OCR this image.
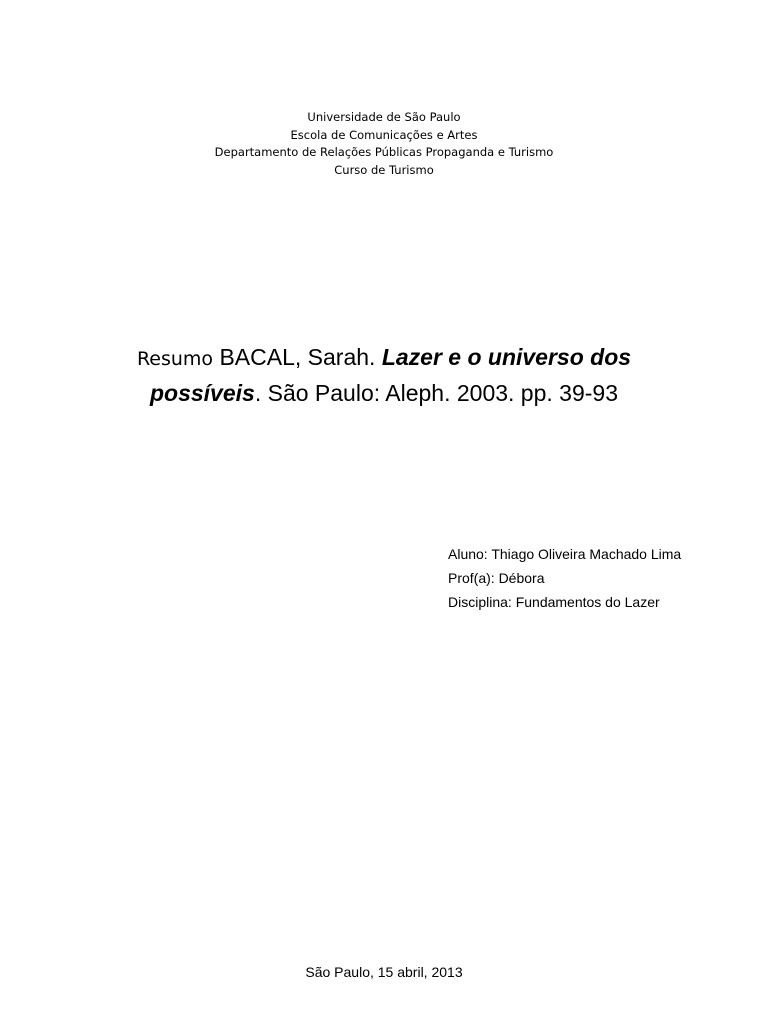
Universidade de São Paulo
Escola de Comunicações e Artes
Departamento de Relações Públicas Propaganda e Turismo
Curso de Turismo
Resumo BACAL, Sarah. Lazer e o universo dos possíveis. São Paulo: Aleph. 2003. pp. 39-93
Aluno: Thiago Oliveira Machado Lima
Prof(a): Débora
Disciplina: Fundamentos do Lazer
São Paulo, 15 abril, 2013
